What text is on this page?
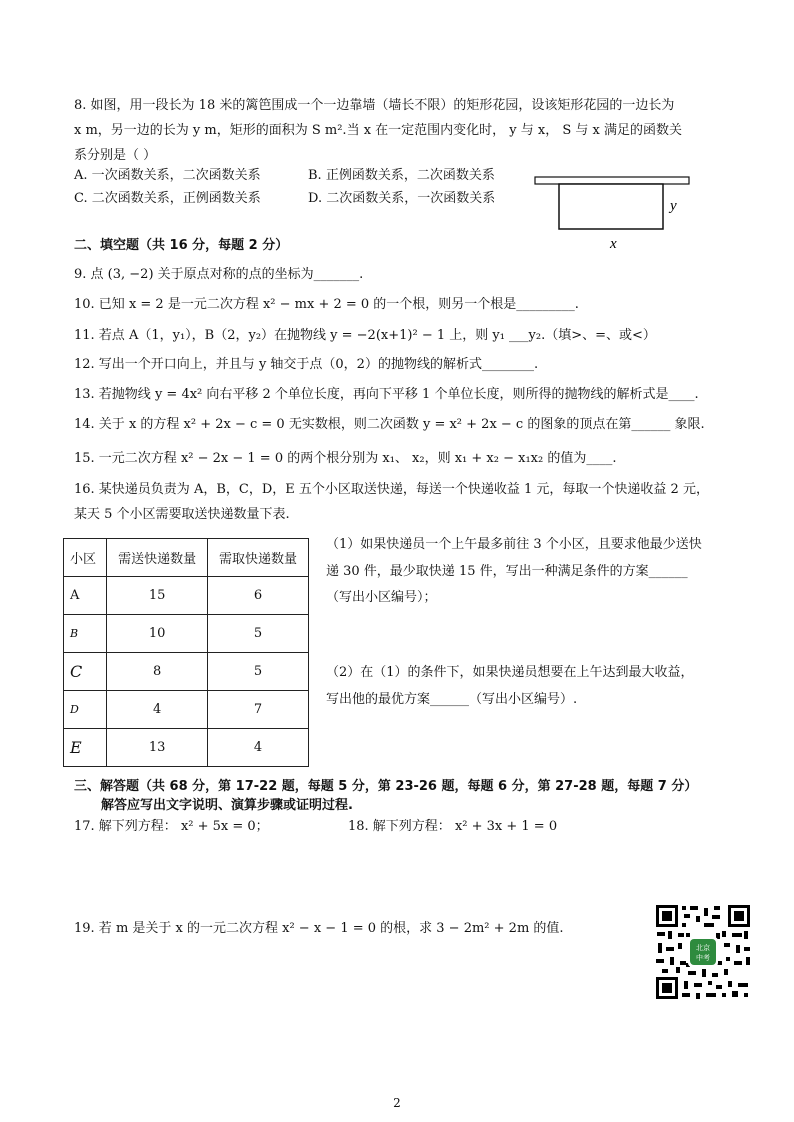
8. 如图，用一段长为 18 米的篱笆围成一个一边靠墙（墙长不限）的矩形花园，设该矩形花园的一边长为
x m，另一边的长为 y m，矩形的面积为 S m².当 x 在一定范围内变化时， y 与 x， S 与 x 满足的函数关
系分别是（ ）
A. 一次函数关系，二次函数关系	B. 正例函数关系，二次函数关系
C. 二次函数关系，正例函数关系	D. 二次函数关系，一次函数关系	y
x
二、填空题（共 16 分，每题 2 分）
9. 点 (3, −2) 关于原点对称的点的坐标为_______.
10. 已知 x = 2 是一元二次方程 x² − mx + 2 = 0 的一个根，则另一个根是_________.
11. 若点 A（1，y₁），B（2，y₂）在抛物线 y = −2(x+1)² − 1 上，则 y₁ ___y₂.（填>、=、或<）
12. 写出一个开口向上，并且与 y 轴交于点（0，2）的抛物线的解析式________.
13. 若抛物线 y = 4x² 向右平移 2 个单位长度，再向下平移 1 个单位长度，则所得的抛物线的解析式是____.
14. 关于 x 的方程 x² + 2x − c = 0 无实数根，则二次函数 y = x² + 2x − c 的图象的顶点在第______ 象限.
15. 一元二次方程 x² − 2x − 1 = 0 的两个根分别为 x₁、 x₂，则 x₁ + x₂ − x₁x₂ 的值为____.
16. 某快递员负责为 A，B，C，D，E 五个小区取送快递，每送一个快递收益 1 元，每取一个快递收益 2 元，
某天 5 个小区需要取送快递数量下表.
小区	需送快递数量	需取快递数量
A	15	6
B	10	5
C	8	5
D	4	7
E	13	4
（1）如果快递员一个上午最多前往 3 个小区，且要求他最少送快
递 30 件，最少取快递 15 件，写出一种满足条件的方案______
（写出小区编号）；
（2）在（1）的条件下，如果快递员想要在上午达到最大收益，
写出他的最优方案______（写出小区编号）.
三、解答题（共 68 分，第 17-22 题，每题 5 分，第 23-26 题，每题 6 分，第 27-28 题，每题 7 分）
解答应写出文字说明、演算步骤或证明过程.
17. 解下列方程： x² + 5x = 0；	18. 解下列方程： x² + 3x + 1 = 0
19. 若 m 是关于 x 的一元二次方程 x² − x − 1 = 0 的根，求 3 − 2m² + 2m 的值.
北京
中考
2
